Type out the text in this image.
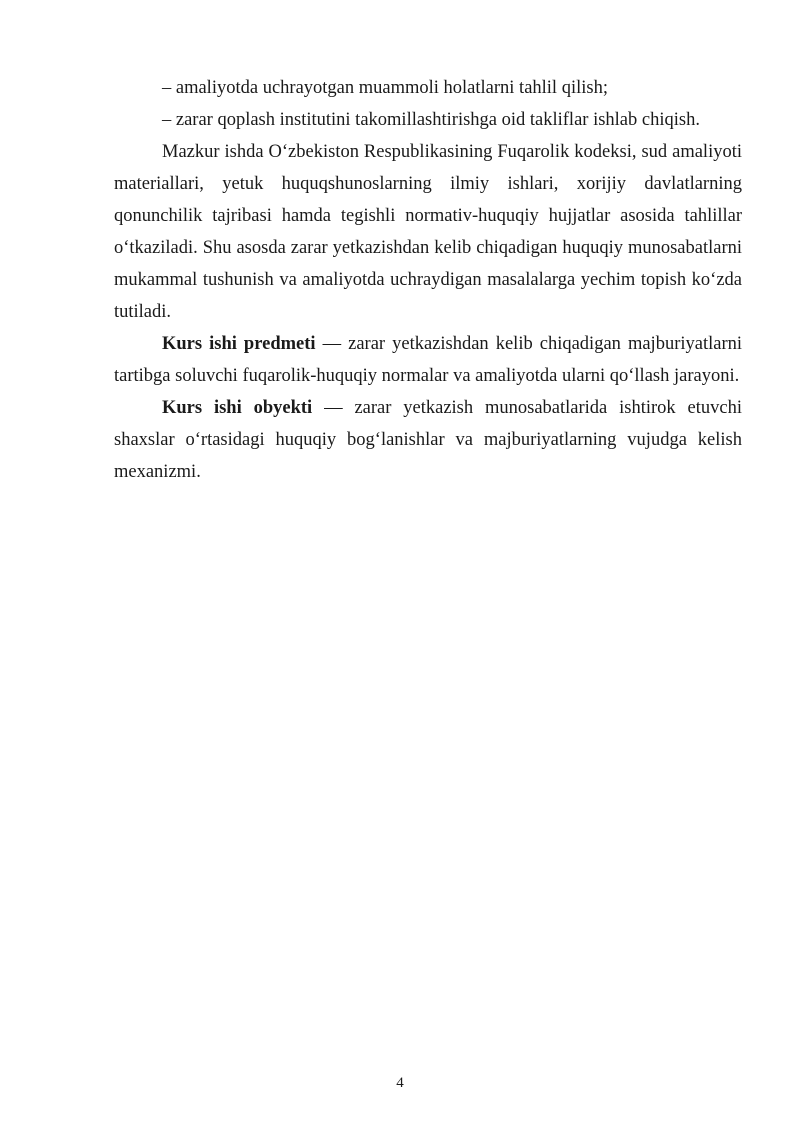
– amaliyotda uchrayotgan muammoli holatlarni tahlil qilish;

– zarar qoplash institutini takomillashtirishga oid takliflar ishlab chiqish.

Mazkur ishda O‘zbekiston Respublikasining Fuqarolik kodeksi, sud amaliyoti materiallari, yetuk huquqshunoslarning ilmiy ishlari, xorijiy davlatlarning qonunchilik tajribasi hamda tegishli normativ-huquqiy hujjatlar asosida tahlillar o‘tkaziladi. Shu asosda zarar yetkazishdan kelib chiqadigan huquqiy munosabatlarni mukammal tushunish va amaliyotda uchraydigan masalalarga yechim topish ko‘zda tutiladi.

Kurs ishi predmeti — zarar yetkazishdan kelib chiqadigan majburiyatlarni tartibga soluvchi fuqarolik-huquqiy normalar va amaliyotda ularni qo‘llash jarayoni.

Kurs ishi obyekti — zarar yetkazish munosabatlarida ishtirok etuvchi shaxslar o‘rtasidagi huquqiy bog‘lanishlar va majburiyatlarning vujudga kelish mexanizmi.

4
